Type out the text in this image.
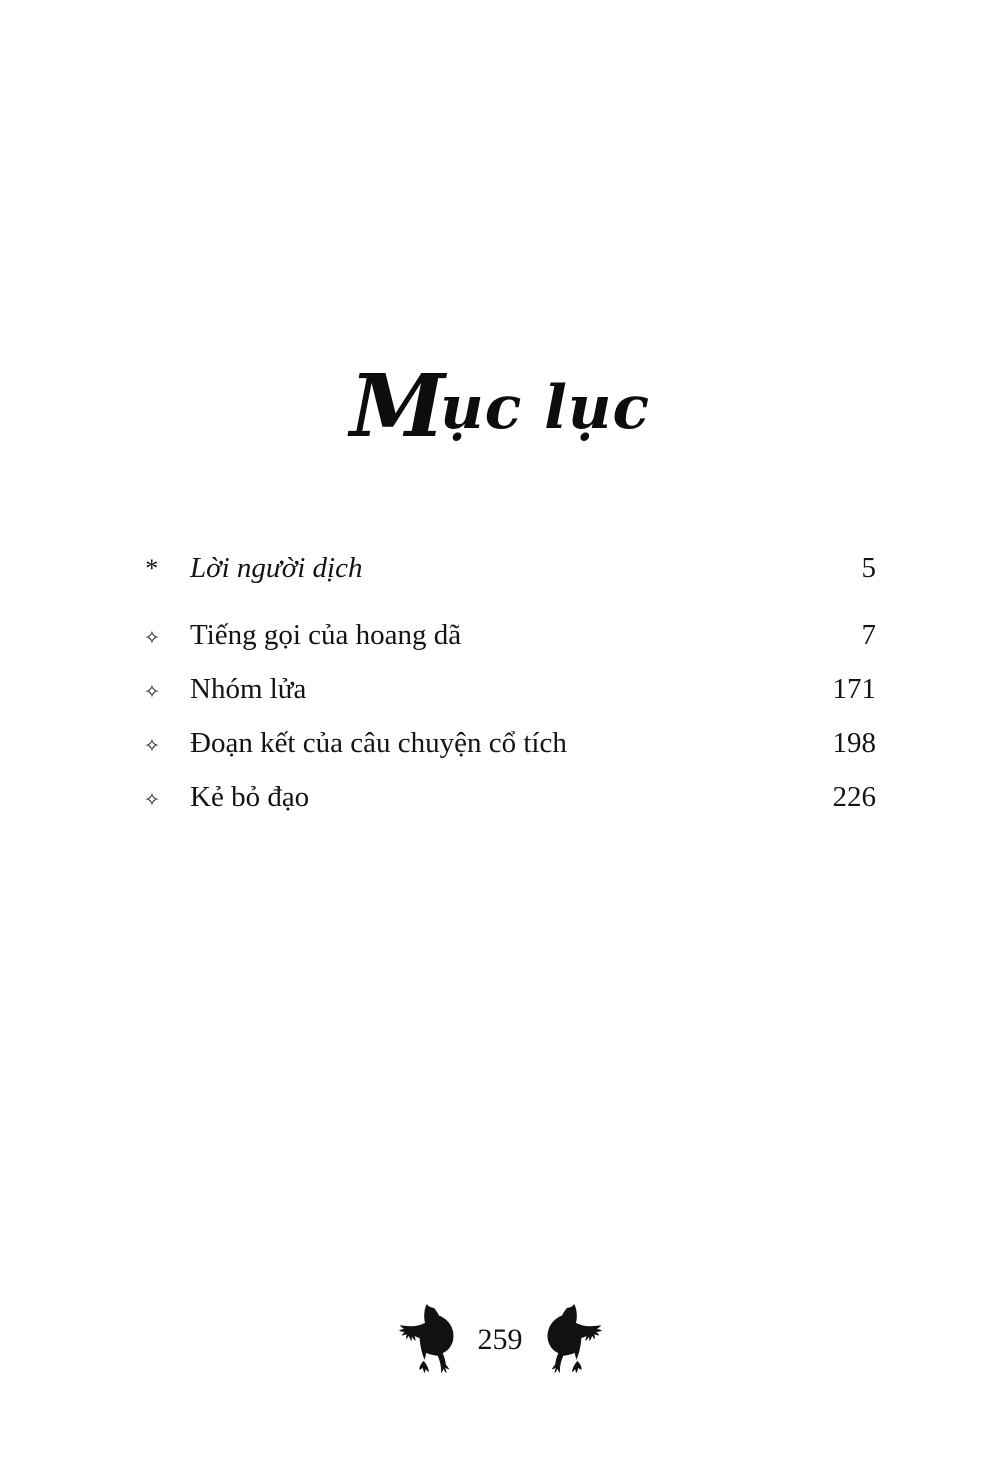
Mục lục
*	Lời người dịch	5
✧	Tiếng gọi của hoang dã	7
✧	Nhóm lửa	171
✧	Đoạn kết của câu chuyện cổ tích	198
✧	Kẻ bỏ đạo	226
259
